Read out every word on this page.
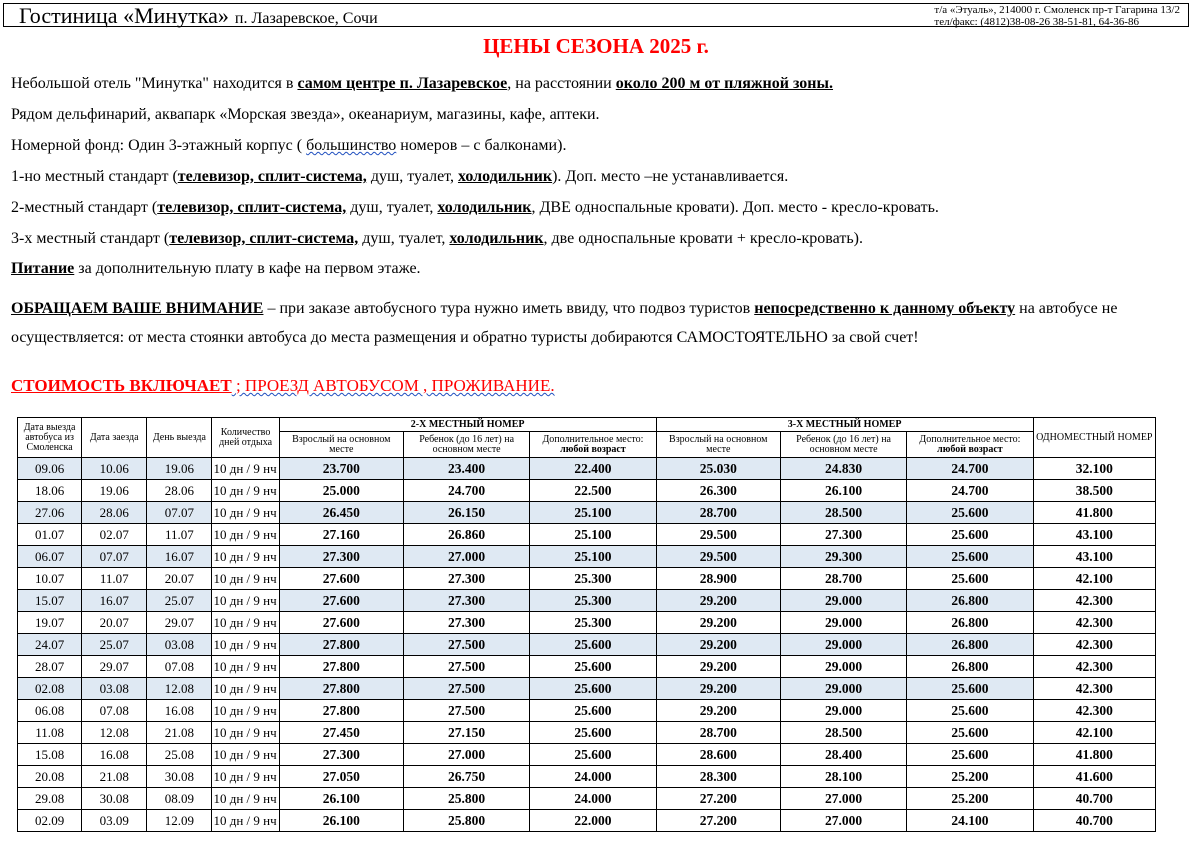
Гостиница «Минутка» п. Лазаревское, Сочи	т/а «Этуаль», 214000 г. Смоленск пр-т Гагарина 13/2
тел/факс: (4812)38-08-26 38-51-81, 64-36-86
ЦЕНЫ СЕЗОНА 2025 г.
Небольшой отель "Минутка" находится в самом центре п. Лазаревское, на расстоянии около 200 м от пляжной зоны.
Рядом дельфинарий, аквапарк «Морская звезда», океанариум, магазины, кафе, аптеки.
Номерной фонд: Один 3-этажный корпус ( большинство номеров – с балконами).
1-но местный стандарт (телевизор, сплит-система, душ, туалет, холодильник). Доп. место –не устанавливается.
2-местный стандарт (телевизор, сплит-система, душ, туалет, холодильник, ДВЕ односпальные кровати). Доп. место - кресло-кровать.
3-х местный стандарт (телевизор, сплит-система, душ, туалет, холодильник, две односпальные кровати + кресло-кровать).
Питание за дополнительную плату в кафе на первом этаже.
ОБРАЩАЕМ ВАШЕ ВНИМАНИЕ – при заказе автобусного тура нужно иметь ввиду, что подвоз туристов непосредственно к данному объекту на автобусе не
осуществляется: от места стоянки автобуса до места размещения и обратно туристы добираются САМОСТОЯТЕЛЬНО за свой счет!
СТОИМОСТЬ ВКЛЮЧАЕТ ; ПРОЕЗД АВТОБУСОМ , ПРОЖИВАНИЕ.
Дата выезда автобуса из Смоленска	Дата заезда	День выезда	Количество дней отдыха	2-Х МЕСТНЫЙ НОМЕР			3-Х МЕСТНЫЙ НОМЕР			ОДНОМЕСТНЫЙ НОМЕР
				Взрослый на основном месте	Ребенок (до 16 лет) на основном месте	Дополнительное место:
любой возраст	Взрослый на основном месте	Ребенок (до 16 лет) на основном месте	Дополнительное место:
любой возраст	
09.06	10.06	19.06	10 дн / 9 нч	23.700	23.400	22.400	25.030	24.830	24.700	32.100
18.06	19.06	28.06	10 дн / 9 нч	25.000	24.700	22.500	26.300	26.100	24.700	38.500
27.06	28.06	07.07	10 дн / 9 нч	26.450	26.150	25.100	28.700	28.500	25.600	41.800
01.07	02.07	11.07	10 дн / 9 нч	27.160	26.860	25.100	29.500	27.300	25.600	43.100
06.07	07.07	16.07	10 дн / 9 нч	27.300	27.000	25.100	29.500	29.300	25.600	43.100
10.07	11.07	20.07	10 дн / 9 нч	27.600	27.300	25.300	28.900	28.700	25.600	42.100
15.07	16.07	25.07	10 дн / 9 нч	27.600	27.300	25.300	29.200	29.000	26.800	42.300
19.07	20.07	29.07	10 дн / 9 нч	27.600	27.300	25.300	29.200	29.000	26.800	42.300
24.07	25.07	03.08	10 дн / 9 нч	27.800	27.500	25.600	29.200	29.000	26.800	42.300
28.07	29.07	07.08	10 дн / 9 нч	27.800	27.500	25.600	29.200	29.000	26.800	42.300
02.08	03.08	12.08	10 дн / 9 нч	27.800	27.500	25.600	29.200	29.000	25.600	42.300
06.08	07.08	16.08	10 дн / 9 нч	27.800	27.500	25.600	29.200	29.000	25.600	42.300
11.08	12.08	21.08	10 дн / 9 нч	27.450	27.150	25.600	28.700	28.500	25.600	42.100
15.08	16.08	25.08	10 дн / 9 нч	27.300	27.000	25.600	28.600	28.400	25.600	41.800
20.08	21.08	30.08	10 дн / 9 нч	27.050	26.750	24.000	28.300	28.100	25.200	41.600
29.08	30.08	08.09	10 дн / 9 нч	26.100	25.800	24.000	27.200	27.000	25.200	40.700
02.09	03.09	12.09	10 дн / 9 нч	26.100	25.800	22.000	27.200	27.000	24.100	40.700
